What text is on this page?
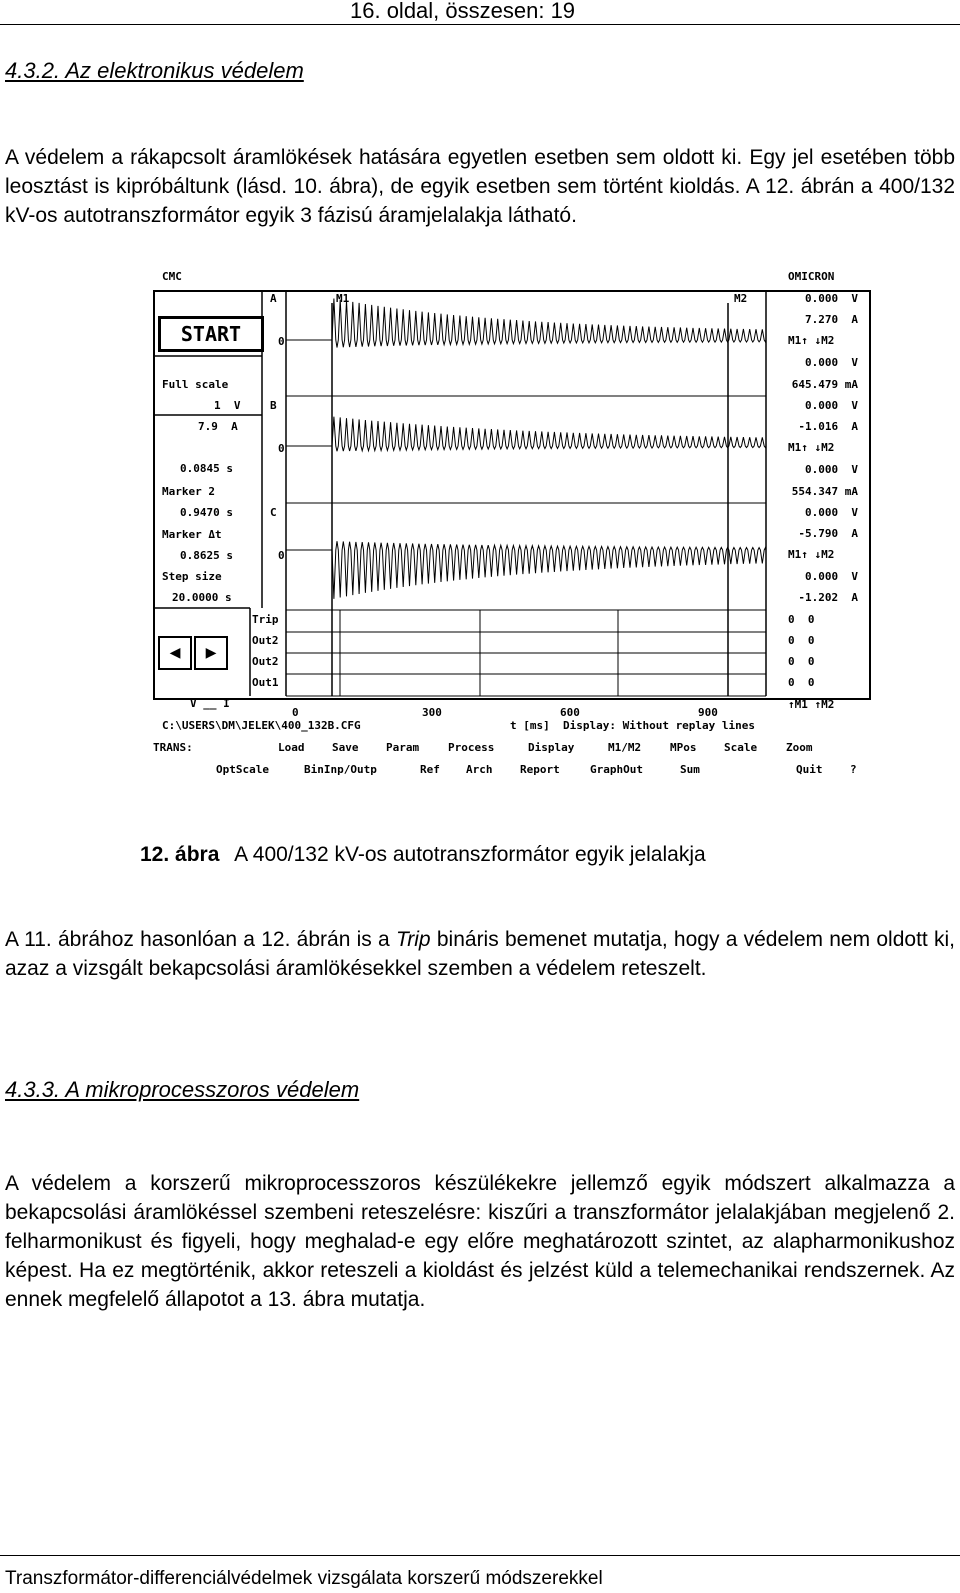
16. oldal, összesen: 19
4.3.2. Az elektronikus védelem

A védelem a rákapcsolt áramlökések hatására egyetlen esetben sem oldott ki. Egy jel esetében több leosztást is kipróbáltunk (lásd. 10. ábra), de egyik esetben sem történt kioldás. A 12. ábrán a 400/132 kV-os autotranszformátor egyik 3 fázisú áramjelalakja látható.

CMC	OMICRON
START
Full scale
1  V
7.9  A
0.0845 s
Marker 2
0.9470 s
Marker Δt
0.8625 s
Step size
20.0000 s
A
0
B
0
C
0
M1	M2
Trip
Out2
Out2
Out1
0.000  V
7.270  A
M1↑ ↓M2
0.000  V
645.479 mA
0.000  V
-1.016  A
M1↑ ↓M2
0.000  V
554.347 mA
0.000  V
-5.790  A
M1↑ ↓M2
0.000  V
-1.202  A
0  0
0  0
0  0
0  0
◀	▶
V __ I
0	300	600	900
↑M1 ↑M2
C:\USERS\DM\JELEK\400_132B.CFG	t [ms]  Display: Without replay lines
TRANS:	Load	Save	Param	Process	Display	M1/M2	MPos	Scale	Zoom
OptScale	BinInp/Outp	Ref Arch	Report	GraphOut	Sum	Quit	?
12. ábra A 400/132 kV-os autotranszformátor egyik jelalakja

A 11. ábrához hasonlóan a 12. ábrán is a Trip bináris bemenet mutatja, hogy a védelem nem oldott ki, azaz a vizsgált bekapcsolási áramlökésekkel szemben a védelem reteszelt.

4.3.3. A mikroprocesszoros védelem

A védelem a korszerű mikroprocesszoros készülékekre jellemző egyik módszert alkalmazza a bekapcsolási áramlökéssel szembeni reteszelésre: kiszűri a transzformátor jelalakjában megjelenő 2. felharmonikust és figyeli, hogy meghalad-e egy előre meghatározott szintet, az alapharmonikushoz képest. Ha ez megtörténik, akkor reteszeli a kioldást és jelzést küld a telemechanikai rendszernek. Az ennek megfelelő állapotot a 13. ábra mutatja.

Transzformátor-differenciálvédelmek vizsgálata korszerű módszerekkel
